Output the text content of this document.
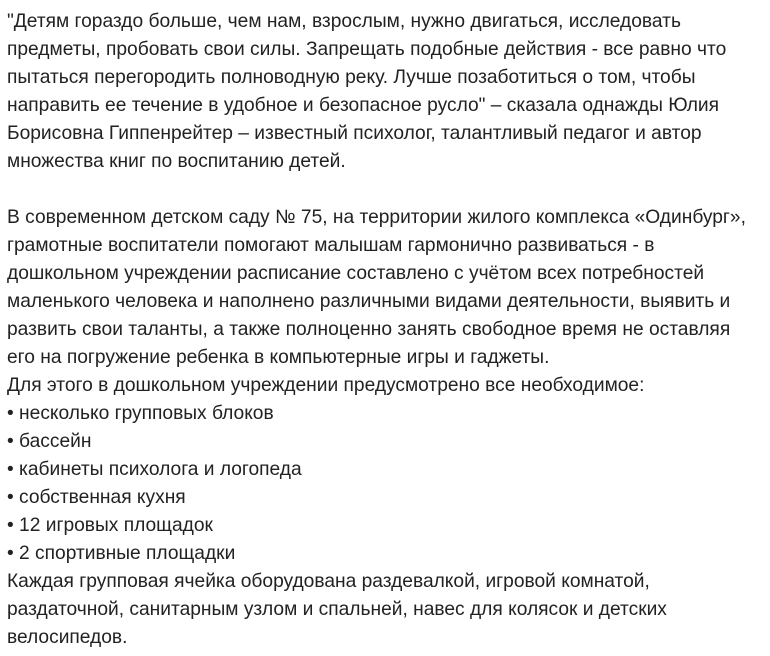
"Детям гораздо больше, чем нам, взрослым, нужно двигаться, исследовать
предметы, пробовать свои силы. Запрещать подобные действия - все равно что
пытаться перегородить полноводную реку. Лучше позаботиться о том, чтобы
направить ее течение в удобное и безопасное русло" – сказала однажды Юлия
Борисовна Гиппенрейтер – известный психолог, талантливый педагог и автор
множества книг по воспитанию детей.
В современном детском саду № 75, на территории жилого комплекса «Одинбург»,
грамотные воспитатели помогают малышам гармонично развиваться - в
дошкольном учреждении расписание составлено с учётом всех потребностей
маленького человека и наполнено различными видами деятельности, выявить и
развить свои таланты, а также полноценно занять свободное время не оставляя
его на погружение ребенка в компьютерные игры и гаджеты.
Для этого в дошкольном учреждении предусмотрено все необходимое:
• несколько групповых блоков
• бассейн
• кабинеты психолога и логопеда
• собственная кухня
• 12 игровых площадок
• 2 спортивные площадки
Каждая групповая ячейка оборудована раздевалкой, игровой комнатой,
раздаточной, санитарным узлом и спальней, навес для колясок и детских
велосипедов.
